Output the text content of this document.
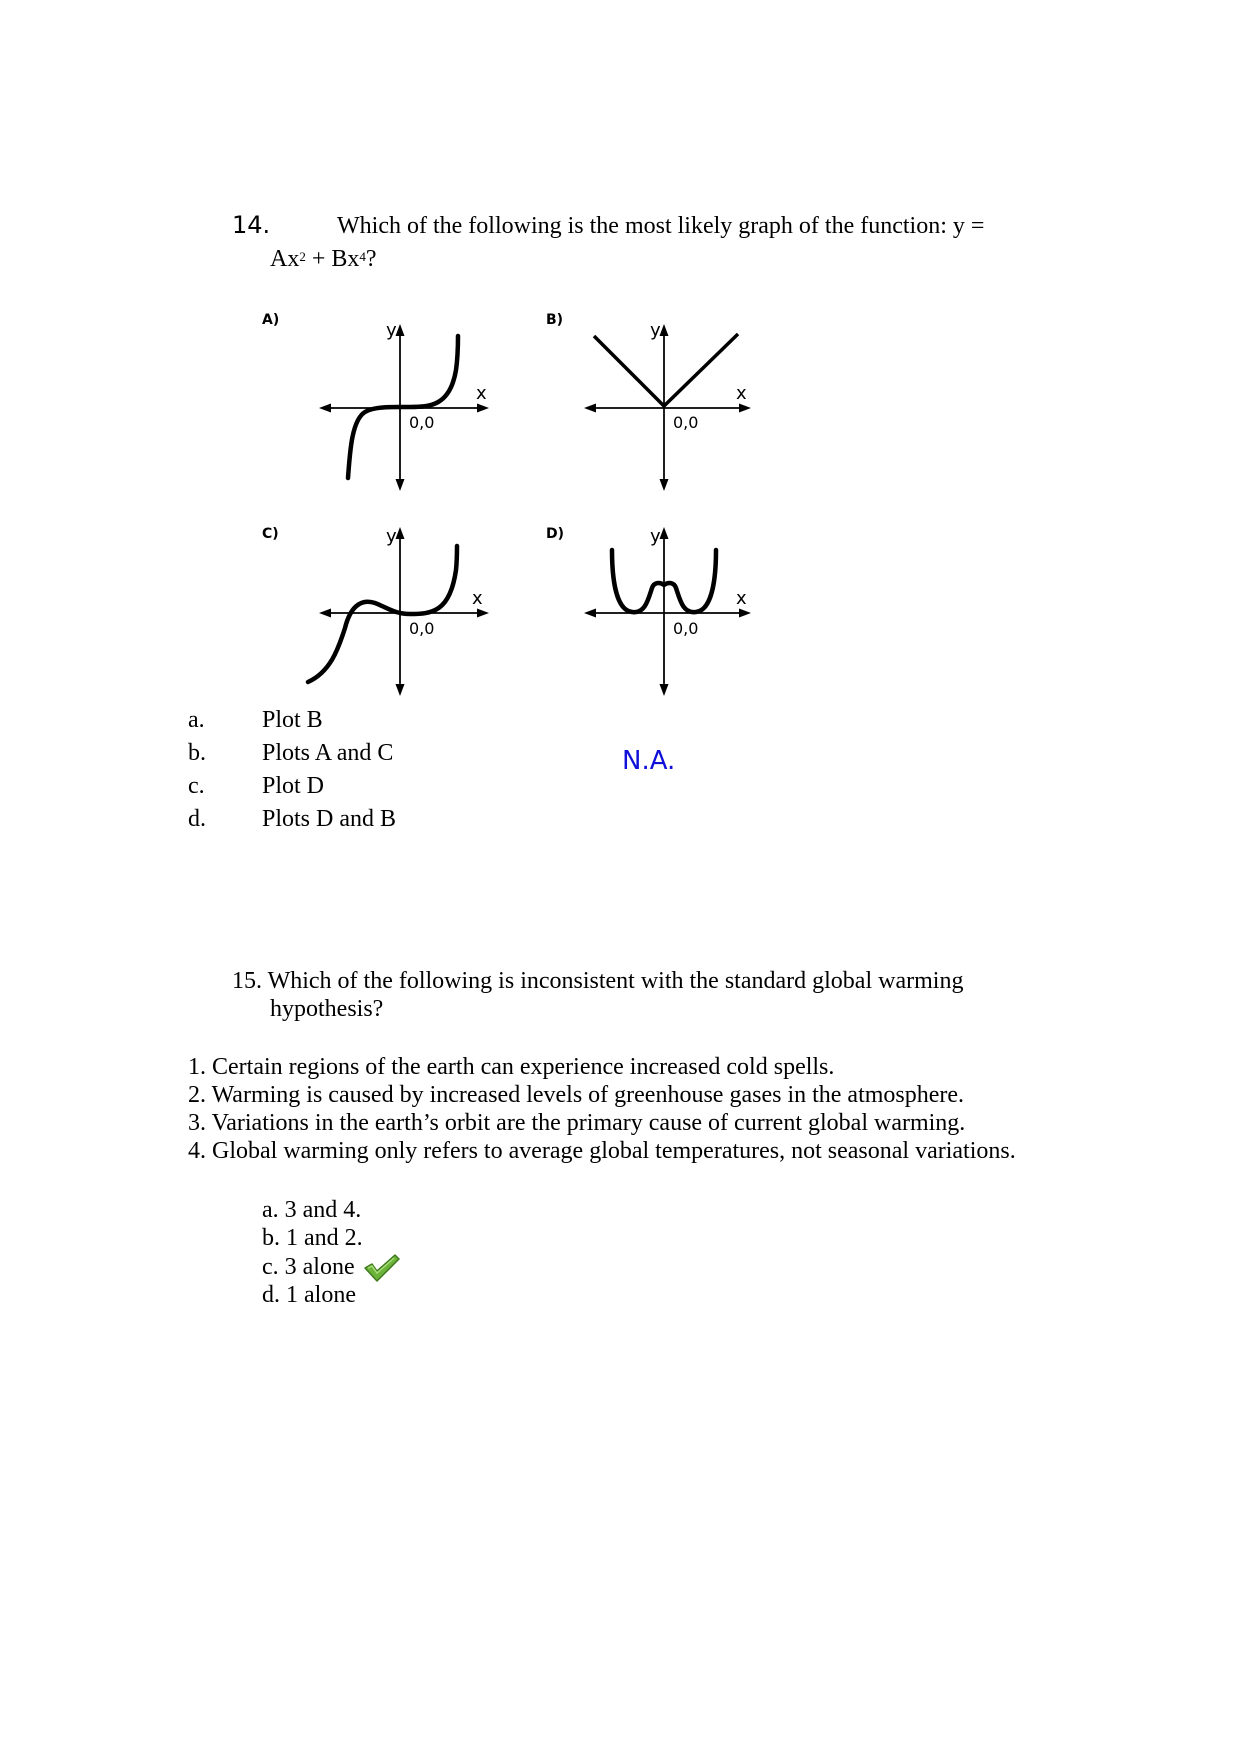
14.	Which of the following is the most likely graph of the function: y =
$Ax^2 + Bx^4$?
A)	B)
C)	D)
y
x
0,0
y
x
0,0
y
x
0,0
y
x
0,0
a. Plot B
b. Plots A and C
c. Plot D
d. Plots D and B
N.A.
15. Which of the following is inconsistent with the standard global warming
hypothesis?
1. Certain regions of the earth can experience increased cold spells.
2. Warming is caused by increased levels of greenhouse gases in the atmosphere.
3. Variations in the earth’s orbit are the primary cause of current global warming.
4. Global warming only refers to average global temperatures, not seasonal variations.
a. 3 and 4.
b. 1 and 2.
c. 3 alone
d. 1 alone
